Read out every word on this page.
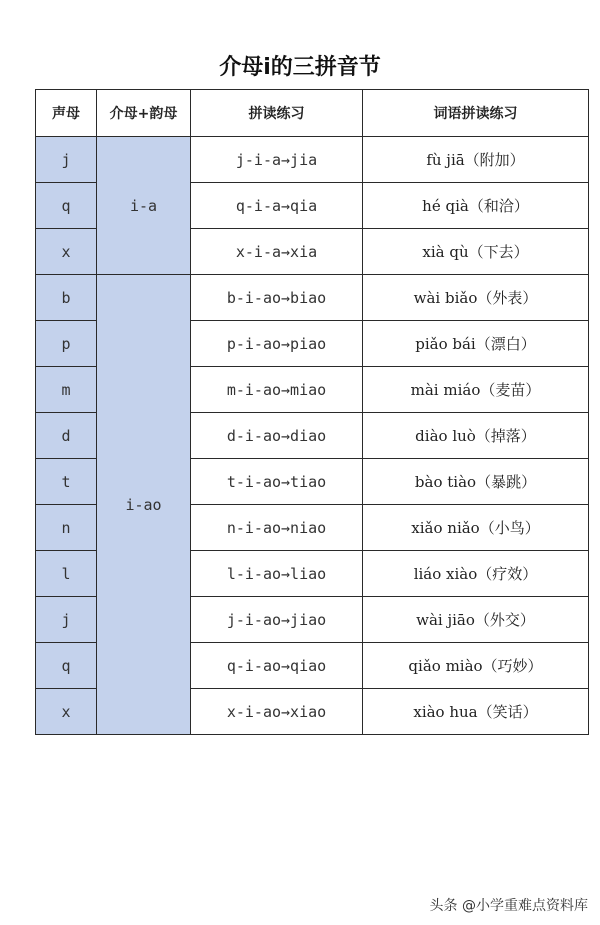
介母i的三拼音节
声母	介母+韵母	拼读练习	词语拼读练习
j	i-a	j-i-a→jia	fù jiā（附加）
q		q-i-a→qia	hé qià（和洽）
x		x-i-a→xia	xià qù（下去）
b	i-ao	b-i-ao→biao	wài biǎo（外表）
p		p-i-ao→piao	piǎo bái（漂白）
m		m-i-ao→miao	mài miáo（麦苗）
d		d-i-ao→diao	diào luò（掉落）
t		t-i-ao→tiao	bào tiào（暴跳）
n		n-i-ao→niao	xiǎo niǎo（小鸟）
l		l-i-ao→liao	liáo xiào（疗效）
j		j-i-ao→jiao	wài jiāo（外交）
q		q-i-ao→qiao	qiǎo miào（巧妙）
x		x-i-ao→xiao	xiào hua（笑话）
头条 @小学重难点资料库
